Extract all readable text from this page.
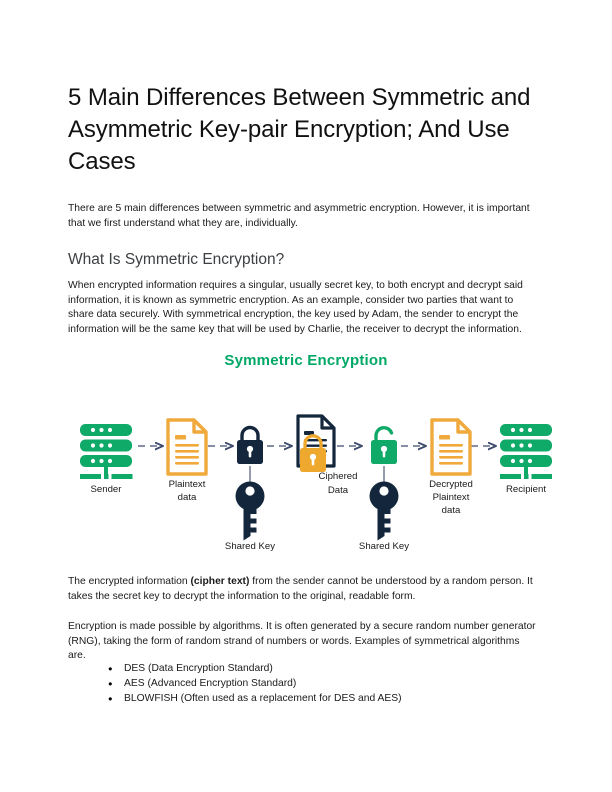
5 Main Differences Between Symmetric and Asymmetric Key-pair Encryption; And Use Cases

There are 5 main differences between symmetric and asymmetric encryption. However, it is important that we first understand what they are, individually.

What Is Symmetric Encryption?

When encrypted information requires a singular, usually secret key, to both encrypt and decrypt said information, it is known as symmetric encryption. As an example, consider two parties that want to share data securely. With symmetrical encryption, the key used by Adam, the sender to encrypt the information will be the same key that will be used by Charlie, the receiver to decrypt the information.

Symmetric Encryption
Sender	Plaintext
data
Ciphered
Data
Decrypted
Plaintext
data
Recipient
Shared Key	Shared Key

The encrypted information (cipher text) from the sender cannot be understood by a random person. It takes the secret key to decrypt the information to the original, readable form.

Encryption is made possible by algorithms. It is often generated by a secure random number generator (RNG), taking the form of random strand of numbers or words. Examples of symmetrical algorithms are.

● DES (Data Encryption Standard)
● AES (Advanced Encryption Standard)
● BLOWFISH (Often used as a replacement for DES and AES)
